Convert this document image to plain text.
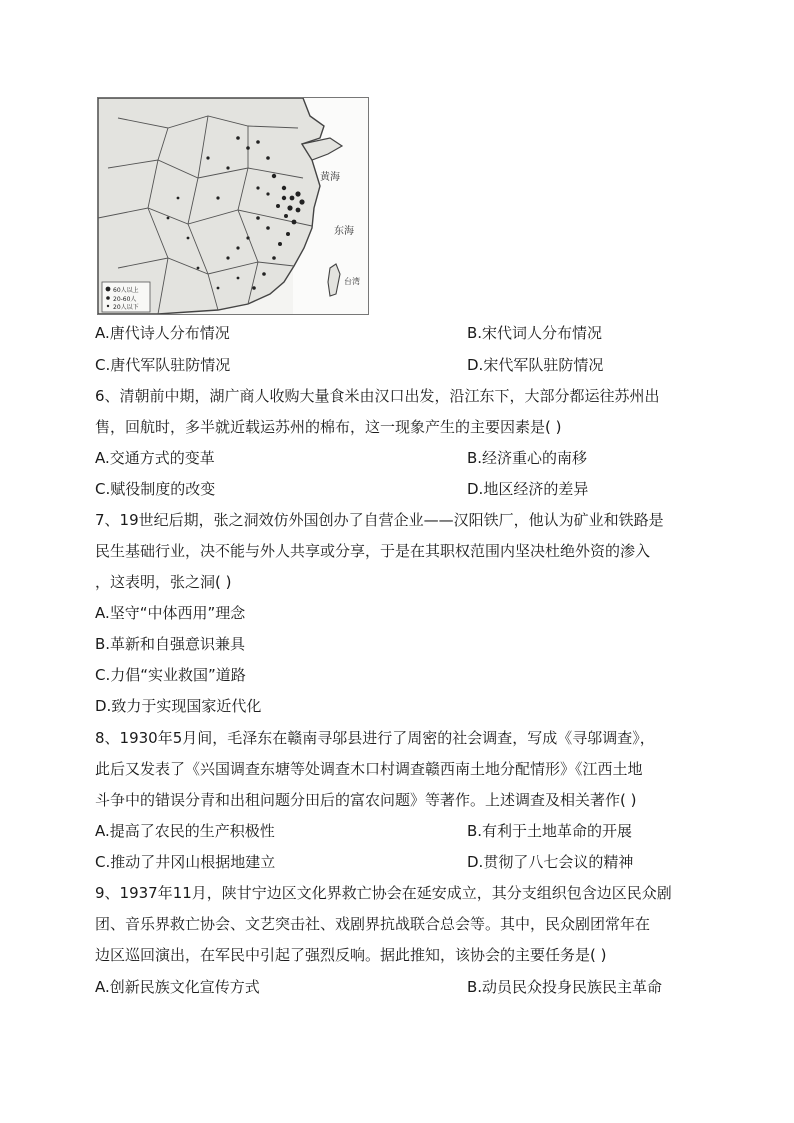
黄海
东海
台湾
60人以上
20-60人
20人以下
A.唐代诗人分布情况	B.宋代词人分布情况
C.唐代军队驻防情况	D.宋代军队驻防情况
6、清朝前中期，湖广商人收购大量食米由汉口出发，沿江东下，大部分都运往苏州出
售，回航时，多半就近载运苏州的棉布，这一现象产生的主要因素是( )
A.交通方式的变革	B.经济重心的南移
C.赋役制度的改变	D.地区经济的差异
7、19世纪后期，张之洞效仿外国创办了自营企业——汉阳铁厂，他认为矿业和铁路是
民生基础行业，决不能与外人共享或分享，于是在其职权范围内坚决杜绝外资的渗入
，这表明，张之洞( )
A.坚守“中体西用”理念
B.革新和自强意识兼具
C.力倡“实业救国”道路
D.致力于实现国家近代化
8、1930年5月间，毛泽东在赣南寻邬县进行了周密的社会调查，写成《寻邬调查》，
此后又发表了《兴国调查东塘等处调查木口村调查赣西南土地分配情形》《江西土地
斗争中的错误分青和出租问题分田后的富农问题》等著作。上述调查及相关著作( )
A.提高了农民的生产积极性	B.有利于土地革命的开展
C.推动了井冈山根据地建立	D.贯彻了八七会议的精神
9、1937年11月，陕甘宁边区文化界救亡协会在延安成立，其分支组织包含边区民众剧
团、音乐界救亡协会、文艺突击社、戏剧界抗战联合总会等。其中，民众剧团常年在
边区巡回演出，在军民中引起了强烈反响。据此推知，该协会的主要任务是( )
A.创新民族文化宣传方式	B.动员民众投身民族民主革命
